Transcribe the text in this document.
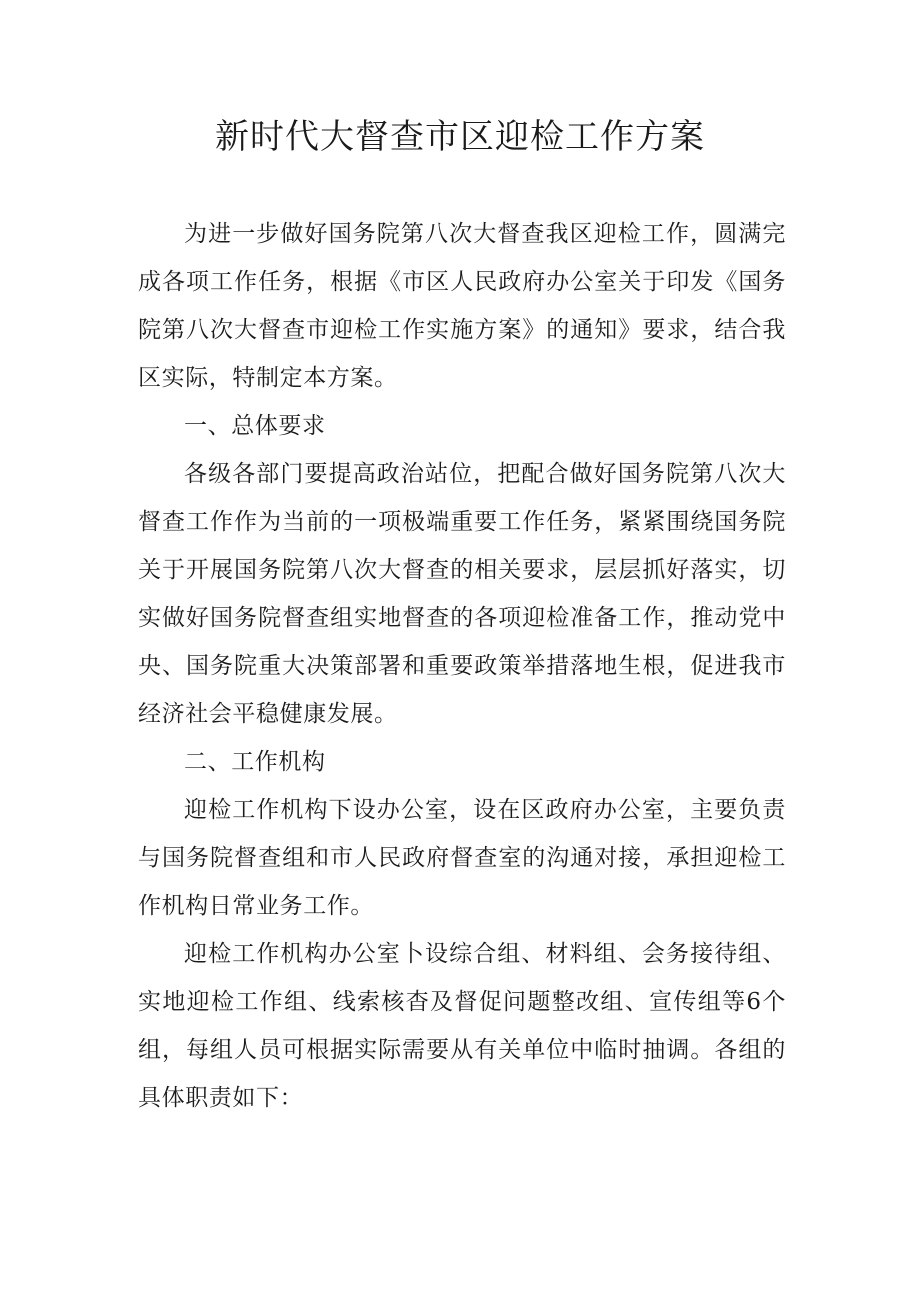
新时代大督查市区迎检工作方案

为进一步做好国务院第八次大督查我区迎检工作，圆满完成各项工作任务，根据《市区人民政府办公室关于印发《国务院第八次大督查市迎检工作实施方案》的通知》要求，结合我区实际，特制定本方案。

一、总体要求

各级各部门要提高政治站位，把配合做好国务院第八次大督查工作作为当前的一项极端重要工作任务，紧紧围绕国务院关于开展国务院第八次大督查的相关要求，层层抓好落实，切实做好国务院督查组实地督查的各项迎检准备工作，推动党中央、国务院重大决策部署和重要政策举措落地生根，促进我市经济社会平稳健康发展。

二、工作机构

迎检工作机构下设办公室，设在区政府办公室，主要负责与国务院督查组和市人民政府督查室的沟通对接，承担迎检工作机构日常业务工作。

迎检工作机构办公室卜设综合组、材料组、会务接待组、实地迎检工作组、线索核杳及督促问题整改组、宣传组等6个组，每组人员可根据实际需要从有关单位中临时抽调。各组的具体职责如下：
